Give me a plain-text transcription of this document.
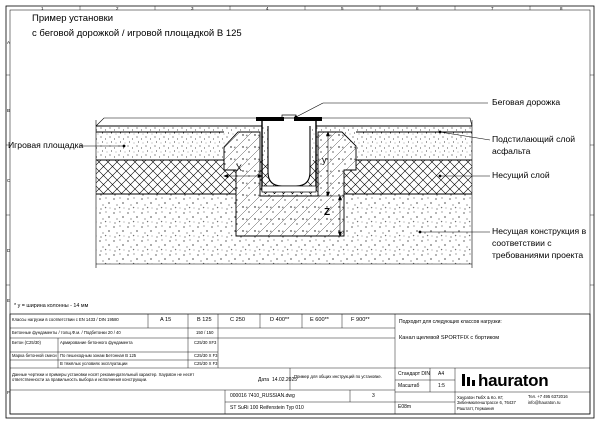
Пример установки
с беговой дорожкой / игровой площадкой B 125
Беговая дорожка
Подстилающий слой
асфальта
Несущий слой
Несущая конструкция в
соответствии с
требованиями проекта
Игровая площадка
X
y
Z
* y = ширина колонны - 14 мм
Классы нагрузки в соответствии с EN 1433 / DIN 19580	A 15	B 125	C 250	D 400**	E 600**	F 900**
Бетонные фундаменты / толщ.Ф.м. / Подбетонки 20 / 40	150 / 150
Бетон (C25/30)	Армирование бетонного фундамента	C25/30 XF3
Марка бетонной смеси По пешеходным зонам Бетонная B 125	C25/30 X F3
В тяжёлых условиях эксплуатации	C25/30 X F3
Данные чертежи и примеры установки носят рекомендательный характер. Хаураtон не несёт ответственности за правильность выбора и исполнения конструкции.
Подходит для следующих классов нагрузки:
Канал щелевой SPORTFIX с бортиком
Дата 14.02.2025
Пример для общих инструкций по установке.
000016 7410_RUSSIAN.dwg	3
ST SuRi 100 Reifenstein Typ 010
Стандарт DIN A4
Масштаб	1:5
E08m
hauraton
Хаураtон ГмбХ & Ко. КГ, Зибенмюленштрассе 6, 76437 Раштатт, Германия
Тел. +7 495 6372016
info@hauraton.ru
1	2	3	4	5	6	7	8
A
B
C
D
E
F
